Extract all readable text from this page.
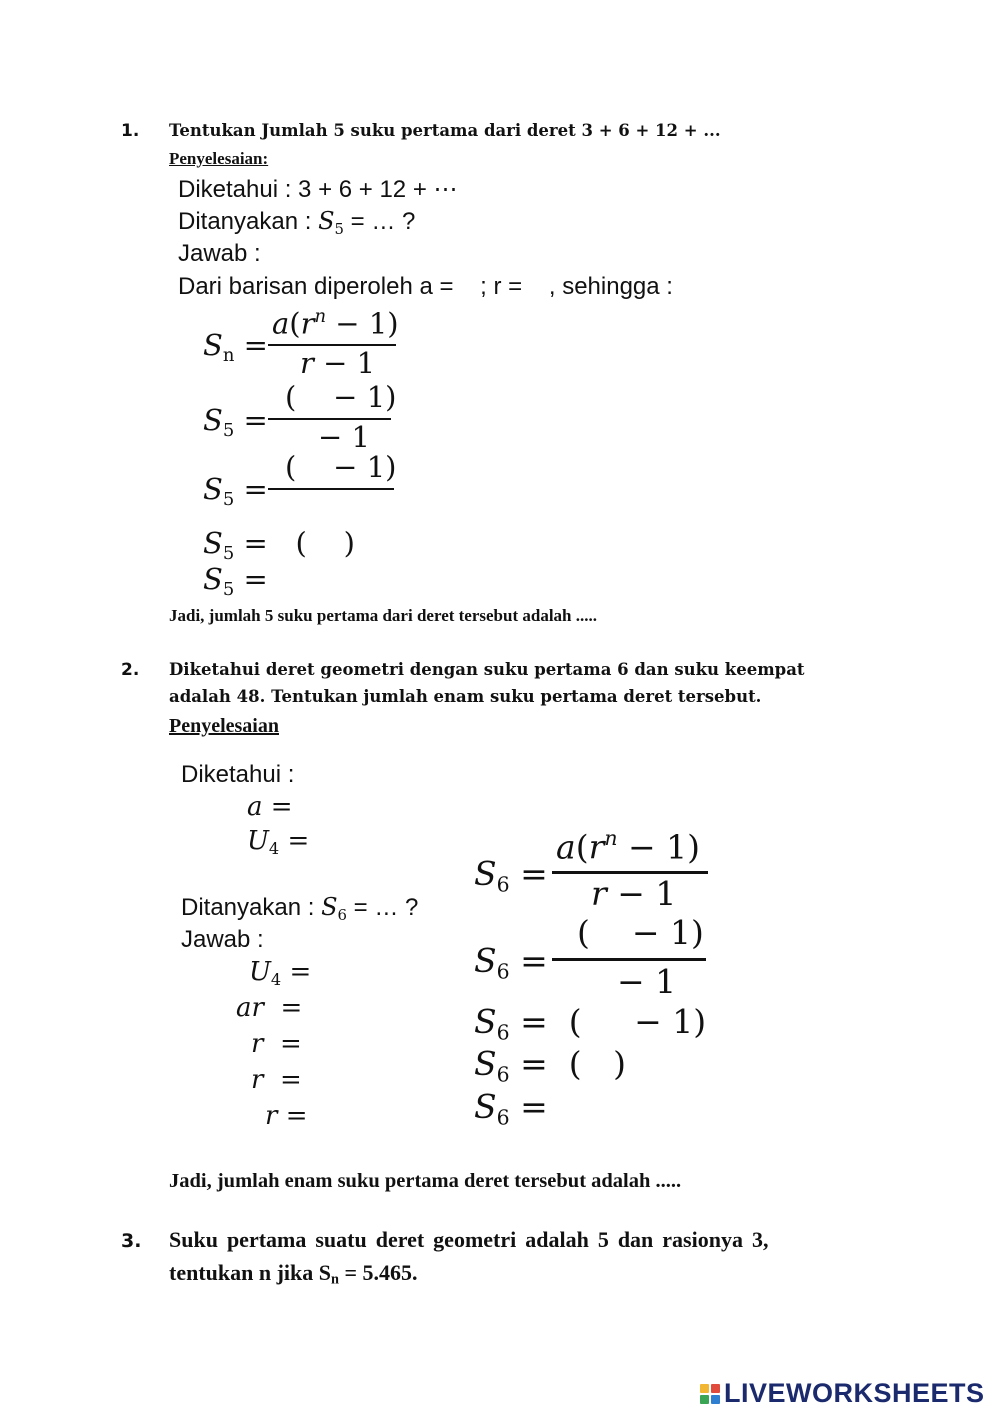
1. Tentukan Jumlah 5 suku pertama dari deret 3 + 6 + 12 + ...
Penyelesaian:
Diketahui : 3 + 6 + 12 + ⋯
Ditanyakan : $S_5$ = … ?
Jawab :
Dari barisan diperoleh a =    ; r =    , sehingga :
$S_n$ =
$a(r^n - 1)$
r − 1
$S_5$ =
(    − 1)
− 1
$S_5$ =
(    − 1)
$S_5$ =   (    )
$S_5$ =
Jadi, jumlah 5 suku pertama dari deret tersebut adalah .....
2. Diketahui deret geometri dengan suku pertama 6 dan suku keempat
adalah 48. Tentukan jumlah enam suku pertama deret tersebut.
Penyelesaian
Diketahui :
a =
$U_4$ =
Ditanyakan : $S_6$ = … ?
Jawab :
$U_4$ =
ar  =
r  =
r  =
r =
$S_6$ =
$a(r^n - 1)$
r − 1
$S_6$ =
(    − 1)
− 1
$S_6$ =  (     − 1)
$S_6$ =  (   )
$S_6$ =
Jadi, jumlah enam suku pertama deret tersebut adalah .....
3. Suku pertama suatu deret geometri adalah 5 dan rasionya 3,
tentukan n jika $S_n = 5.465$.
LIVEWORKSHEETS
